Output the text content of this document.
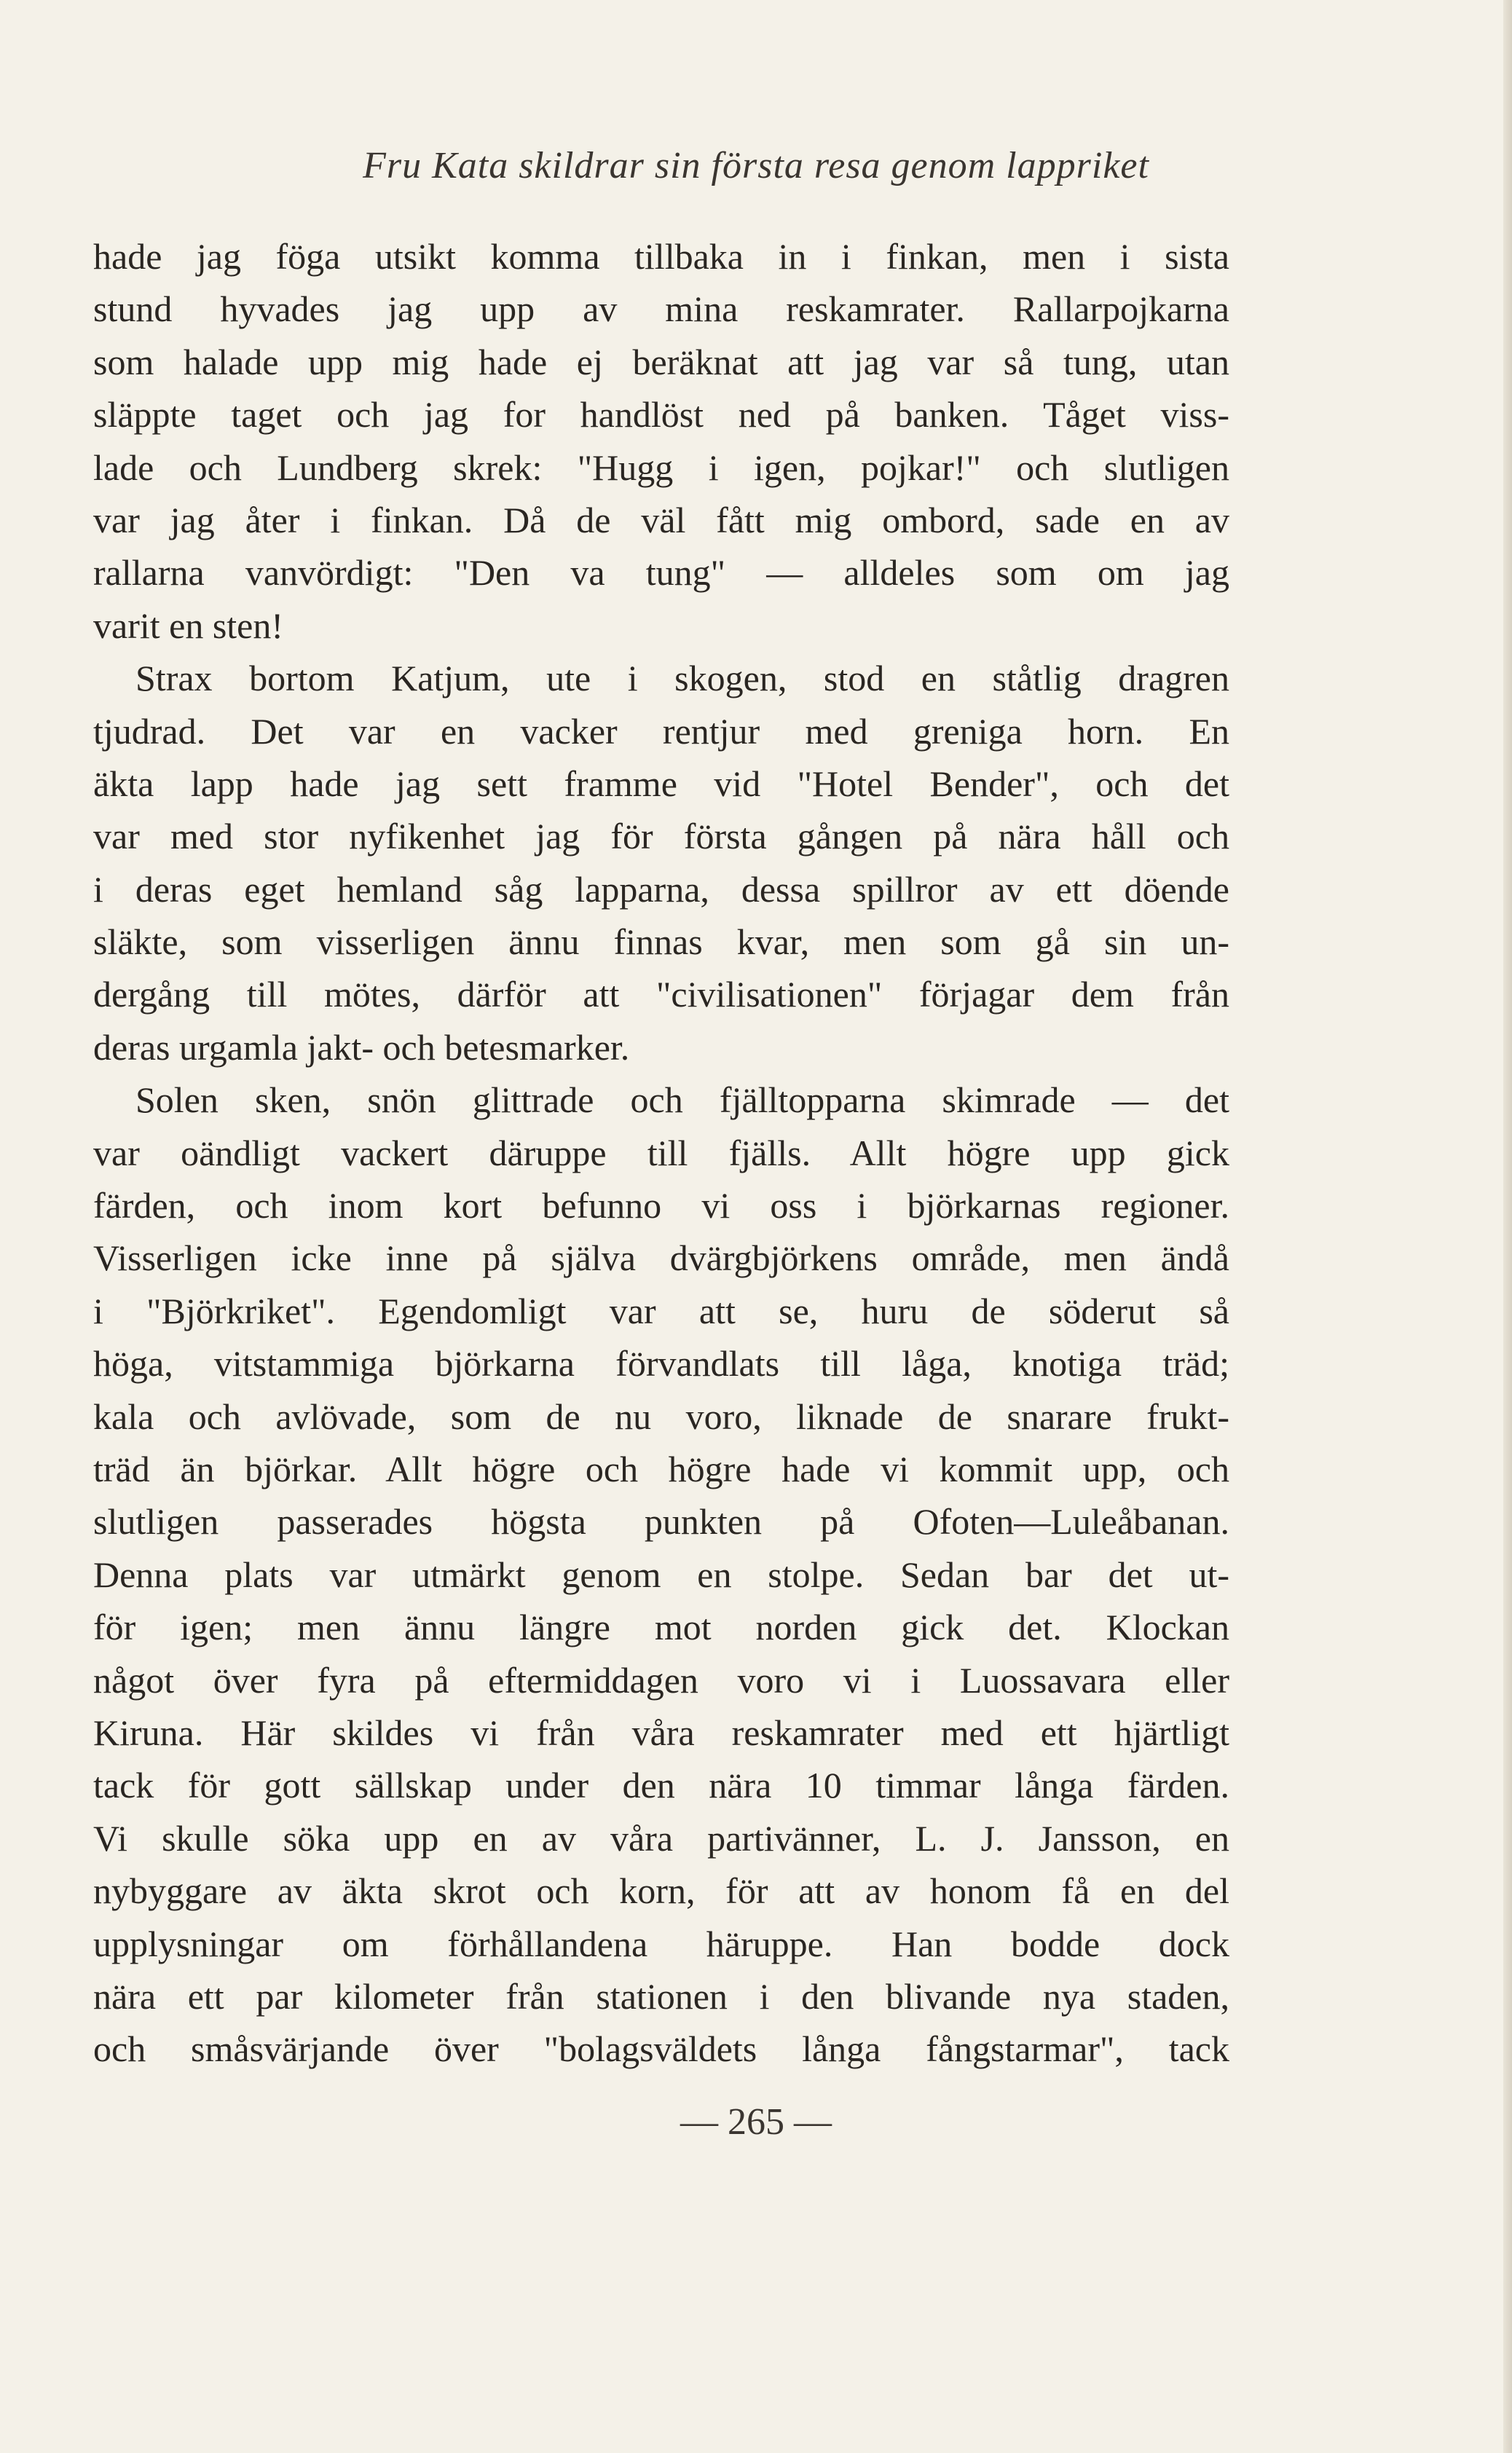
Fru Kata skildrar sin första resa genom lappriket
hade jag föga utsikt komma tillbaka in i finkan, men i sista
stund hyvades jag upp av mina reskamrater. Rallarpojkarna
som halade upp mig hade ej beräknat att jag var så tung, utan
släppte taget och jag for handlöst ned på banken. Tåget viss-
lade och Lundberg skrek: "Hugg i igen, pojkar!" och slutligen
var jag åter i finkan. Då de väl fått mig ombord, sade en av
rallarna vanvördigt: "Den va tung" — alldeles som om jag
varit en sten!
Strax bortom Katjum, ute i skogen, stod en ståtlig dragren
tjudrad. Det var en vacker rentjur med greniga horn. En
äkta lapp hade jag sett framme vid "Hotel Bender", och det
var med stor nyfikenhet jag för första gången på nära håll och
i deras eget hemland såg lapparna, dessa spillror av ett döende
släkte, som visserligen ännu finnas kvar, men som gå sin un-
dergång till mötes, därför att "civilisationen" förjagar dem från
deras urgamla jakt- och betesmarker.
Solen sken, snön glittrade och fjälltopparna skimrade — det
var oändligt vackert däruppe till fjälls. Allt högre upp gick
färden, och inom kort befunno vi oss i björkarnas regioner.
Visserligen icke inne på själva dvärgbjörkens område, men ändå
i "Björkriket". Egendomligt var att se, huru de söderut så
höga, vitstammiga björkarna förvandlats till låga, knotiga träd;
kala och avlövade, som de nu voro, liknade de snarare frukt-
träd än björkar. Allt högre och högre hade vi kommit upp, och
slutligen passerades högsta punkten på Ofoten—Luleåbanan.
Denna plats var utmärkt genom en stolpe. Sedan bar det ut-
för igen; men ännu längre mot norden gick det. Klockan
något över fyra på eftermiddagen voro vi i Luossavara eller
Kiruna. Här skildes vi från våra reskamrater med ett hjärtligt
tack för gott sällskap under den nära 10 timmar långa färden.
Vi skulle söka upp en av våra partivänner, L. J. Jansson, en
nybyggare av äkta skrot och korn, för att av honom få en del
upplysningar om förhållandena häruppe. Han bodde dock
nära ett par kilometer från stationen i den blivande nya staden,
och småsvärjande över "bolagsväldets långa fångstarmar", tack
— 265 —
